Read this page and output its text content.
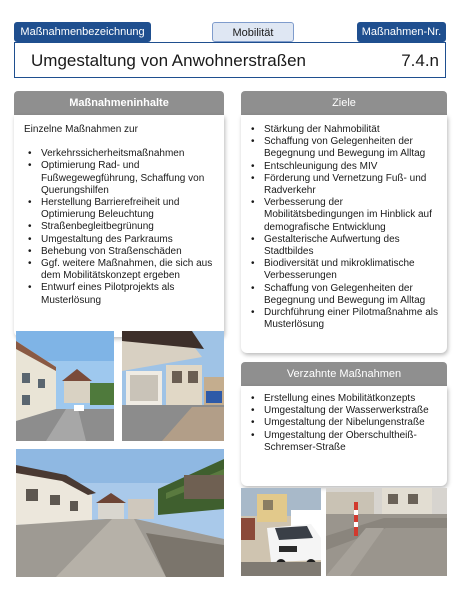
Maßnahmenbezeichnung	Mobilität	Maßnahmen-Nr.
Umgestaltung von Anwohnerstraßen	7.4.n
Maßnahmeninhalte

Einzelne Maßnahmen zur

• Verkehrssicherheitsmaßnahmen
• Optimierung Rad- und Fußwegewegführung, Schaffung von Querungshilfen
• Herstellung Barrierefreiheit und Optimierung Beleuchtung
• Straßenbegleitbegrünung
• Umgestaltung des Parkraums
• Behebung von Straßenschäden
• Ggf. weitere Maßnahmen, die sich aus dem Mobilitätskonzept ergeben
• Entwurf eines Pilotprojekts als Musterlösung
Ziele
• Stärkung der Nahmobilität
• Schaffung von Gelegenheiten der Begegnung und Bewegung im Alltag
• Entschleunigung des MIV
• Förderung und Vernetzung Fuß- und Radverkehr
• Verbesserung der Mobilitätsbedingungen im Hinblick auf demografische Entwicklung
• Gestalterische Aufwertung des Stadtbildes
• Biodiversität und mikroklimatische Verbesserungen
• Schaffung von Gelegenheiten der Begegnung und Bewegung im Alltag
• Durchführung einer Pilotmaßnahme als Musterlösung
Verzahnte Maßnahmen
• Erstellung eines Mobilitätkonzepts
• Umgestaltung der Wasserwerkstraße
• Umgestaltung der Nibelungenstraße
• Umgestaltung der Oberschultheiß-Schremser-Straße
